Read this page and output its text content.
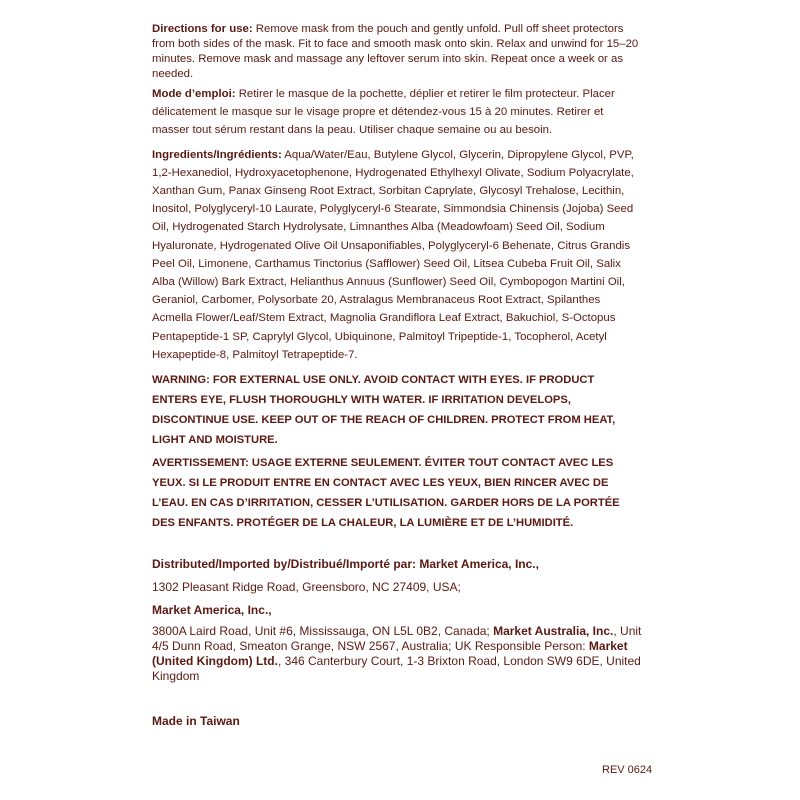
Directions for use: Remove mask from the pouch and gently unfold. Pull off sheet protectors from both sides of the mask. Fit to face and smooth mask onto skin. Relax and unwind for 15–20 minutes. Remove mask and massage any leftover serum into skin. Repeat once a week or as needed.
Mode d’emploi: Retirer le masque de la pochette, déplier et retirer le film protecteur. Placer délicatement le masque sur le visage propre et détendez-vous 15 à 20 minutes. Retirer et masser tout sérum restant dans la peau. Utiliser chaque semaine ou au besoin.
Ingredients/Ingrédients: Aqua/Water/Eau, Butylene Glycol, Glycerin, Dipropylene Glycol, PVP, 1,2-Hexanediol, Hydroxyacetophenone, Hydrogenated Ethylhexyl Olivate, Sodium Polyacrylate, Xanthan Gum, Panax Ginseng Root Extract, Sorbitan Caprylate, Glycosyl Trehalose, Lecithin, Inositol, Polyglyceryl-10 Laurate, Polyglyceryl-6 Stearate, Simmondsia Chinensis (Jojoba) Seed Oil, Hydrogenated Starch Hydrolysate, Limnanthes Alba (Meadowfoam) Seed Oil, Sodium Hyaluronate, Hydrogenated Olive Oil Unsaponifiables, Polyglyceryl-6 Behenate, Citrus Grandis Peel Oil, Limonene, Carthamus Tinctorius (Safflower) Seed Oil, Litsea Cubeba Fruit Oil, Salix Alba (Willow) Bark Extract, Helianthus Annuus (Sunflower) Seed Oil, Cymbopogon Martini Oil, Geraniol, Carbomer, Polysorbate 20, Astralagus Membranaceus Root Extract, Spilanthes Acmella Flower/Leaf/Stem Extract, Magnolia Grandiflora Leaf Extract, Bakuchiol, S-Octopus Pentapeptide-1 SP, Caprylyl Glycol, Ubiquinone, Palmitoyl Tripeptide-1, Tocopherol, Acetyl Hexapeptide-8, Palmitoyl Tetrapeptide-7.
WARNING: FOR EXTERNAL USE ONLY. AVOID CONTACT WITH EYES. IF PRODUCT ENTERS EYE, FLUSH THOROUGHLY WITH WATER. IF IRRITATION DEVELOPS, DISCONTINUE USE. KEEP OUT OF THE REACH OF CHILDREN. PROTECT FROM HEAT, LIGHT AND MOISTURE.
AVERTISSEMENT: USAGE EXTERNE SEULEMENT. ÉVITER TOUT CONTACT AVEC LES YEUX. SI LE PRODUIT ENTRE EN CONTACT AVEC LES YEUX, BIEN RINCER AVEC DE L’EAU. EN CAS D’IRRITATION, CESSER L’UTILISATION. GARDER HORS DE LA PORTÉE DES ENFANTS. PROTÉGER DE LA CHALEUR, LA LUMIÈRE ET DE L’HUMIDITÉ.
Distributed/Imported by/Distribué/Importé par: Market America, Inc.,
1302 Pleasant Ridge Road, Greensboro, NC 27409, USA;
Market America, Inc.,
3800A Laird Road, Unit #6, Mississauga, ON L5L 0B2, Canada; Market Australia, Inc., Unit 4/5 Dunn Road, Smeaton Grange, NSW 2567, Australia; UK Responsible Person: Market (United Kingdom) Ltd., 346 Canterbury Court, 1-3 Brixton Road, London SW9 6DE, United Kingdom
Made in Taiwan
REV 0624
